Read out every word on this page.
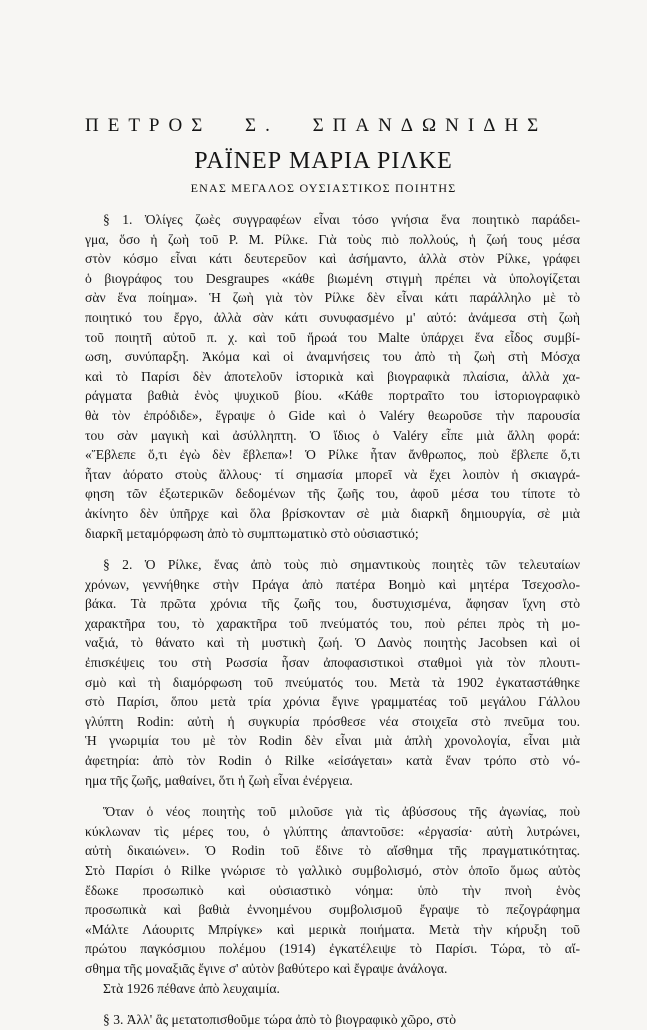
ΠΕΤΡΟΣ Σ. ΣΠΑΝΔΩΝΙΔΗΣ
ΡΑΪΝΕΡ ΜΑΡΙΑ ΡΙΛΚΕ
ΕΝΑΣ ΜΕΓΑΛΟΣ ΟΥΣΙΑΣΤΙΚΟΣ ΠΟΙΗΤΗΣ

§ 1. Ὀλίγες ζωὲς συγγραφέων εἶναι τόσο γνήσια ἕνα ποιητικὸ παράδει-
γμα, ὅσο ἡ ζωὴ τοῦ Ρ. Μ. Ρίλκε. Γιὰ τοὺς πιὸ πολλούς, ἡ ζωή τους μέσα
στὸν κόσμο εἶναι κάτι δευτερεῦον καὶ ἀσήμαντο, ἀλλὰ στὸν Ρίλκε, γράφει
ὁ βιογράφος του Desgraupes «κάθε βιωμένη στιγμὴ πρέπει νὰ ὑπολογίζεται
σὰν ἕνα ποίημα». Ἡ ζωὴ γιὰ τὸν Ρίλκε δὲν εἶναι κάτι παράλληλο μὲ τὸ
ποιητικό του ἔργο, ἀλλὰ σὰν κάτι συνυφασμένο μ' αὐτό: ἀνάμεσα στὴ ζωὴ
τοῦ ποιητῆ αὐτοῦ π. χ. καὶ τοῦ ἥρωά του Malte ὑπάρχει ἕνα εἶδος συμβί-
ωση, συνύπαρξη. Ἀκόμα καὶ οἱ ἀναμνήσεις του ἀπὸ τὴ ζωὴ στὴ Μόσχα
καὶ τὸ Παρίσι δὲν ἀποτελοῦν ἱστορικὰ καὶ βιογραφικὰ πλαίσια, ἀλλὰ χα-
ράγματα βαθιὰ ἑνὸς ψυχικοῦ βίου. «Κάθε πορτραῖτο του ἱστοριογραφικὸ
θὰ τὸν ἐπρόδιδε», ἔγραψε ὁ Gide καὶ ὁ Valéry θεωροῦσε τὴν παρουσία
του σὰν μαγικὴ καὶ ἀσύλληπτη. Ὁ ἴδιος ὁ Valéry εἶπε μιὰ ἄλλη φορά:
«Ἔβλεπε ὅ,τι ἐγὼ δὲν ἔβλεπα»! Ὁ Ρίλκε ἦταν ἄνθρωπος, ποὺ ἔβλεπε ὅ,τι
ἦταν ἀόρατο στοὺς ἄλλους· τί σημασία μπορεῖ νὰ ἔχει λοιπὸν ἡ σκιαγρά-
φηση τῶν ἐξωτερικῶν δεδομένων τῆς ζωῆς του, ἀφοῦ μέσα του τίποτε τὸ
ἀκίνητο δὲν ὑπῆρχε καὶ ὅλα βρίσκονταν σὲ μιὰ διαρκῆ δημιουργία, σὲ μιὰ
διαρκῆ μεταμόρφωση ἀπὸ τὸ συμπτωματικὸ στὸ οὐσιαστικό;

§ 2. Ὁ Ρίλκε, ἕνας ἀπὸ τοὺς πιὸ σημαντικοὺς ποιητὲς τῶν τελευταίων
χρόνων, γεννήθηκε στὴν Πράγα ἀπὸ πατέρα Βοημὸ καὶ μητέρα Τσεχοσλο-
βάκα. Τὰ πρῶτα χρόνια τῆς ζωῆς του, δυστυχισμένα, ἄφησαν ἴχνη στὸ
χαρακτῆρα του, τὸ χαρακτῆρα τοῦ πνεύματός του, ποὺ ρέπει πρὸς τὴ μο-
ναξιά, τὸ θάνατο καὶ τὴ μυστικὴ ζωή. Ὁ Δανὸς ποιητὴς Jacobsen καὶ οἱ
ἐπισκέψεις του στὴ Ρωσσία ἦσαν ἀποφασιστικοὶ σταθμοὶ γιὰ τὸν πλουτι-
σμὸ καὶ τὴ διαμόρφωση τοῦ πνεύματός του. Μετὰ τὰ 1902 ἐγκαταστάθηκε
στὸ Παρίσι, ὅπου μετὰ τρία χρόνια ἔγινε γραμματέας τοῦ μεγάλου Γάλλου
γλύπτη Rodin: αὐτὴ ἡ συγκυρία πρόσθεσε νέα στοιχεῖα στὸ πνεῦμα του.
Ἡ γνωριμία του μὲ τὸν Rodin δὲν εἶναι μιὰ ἁπλὴ χρονολογία, εἶναι μιὰ
ἀφετηρία: ἀπὸ τὸν Rodin ὁ Rilke «εἰσάγεται» κατὰ ἕναν τρόπο στὸ νό-
ημα τῆς ζωῆς, μαθαίνει, ὅτι ἡ ζωὴ εἶναι ἐνέργεια.

Ὅταν ὁ νέος ποιητὴς τοῦ μιλοῦσε γιὰ τὶς ἀβύσσους τῆς ἀγωνίας, ποὺ
κύκλωναν τὶς μέρες του, ὁ γλύπτης ἀπαντοῦσε: «ἐργασία· αὐτὴ λυτρώνει,
αὐτὴ δικαιώνει». Ὁ Rodin τοῦ ἔδινε τὸ αἴσθημα τῆς πραγματικότητας.
Στὸ Παρίσι ὁ Rilke γνώρισε τὸ γαλλικὸ συμβολισμό, στὸν ὁποῖο ὅμως αὐτὸς
ἔδωκε προσωπικὸ καὶ οὐσιαστικὸ νόημα: ὑπὸ τὴν πνοὴ ἑνὸς
προσωπικὰ καὶ βαθιὰ ἐννοημένου συμβολισμοῦ ἔγραψε τὸ πεζογράφημα
«Μάλτε Λάουριτς Μπρίγκε» καὶ μερικὰ ποιήματα. Μετὰ τὴν κήρυξη τοῦ
πρώτου παγκόσμιου πολέμου (1914) ἐγκατέλειψε τὸ Παρίσι. Τώρα, τὸ αἴ-
σθημα τῆς μοναξιᾶς ἔγινε σ' αὐτὸν βαθύτερο καὶ ἔγραψε ἀνάλογα.

Στὰ 1926 πέθανε ἀπὸ λευχαιμία.

§ 3. Ἀλλ' ἂς μετατοπισθοῦμε τώρα ἀπὸ τὸ βιογραφικὸ χῶρο, στὸ
